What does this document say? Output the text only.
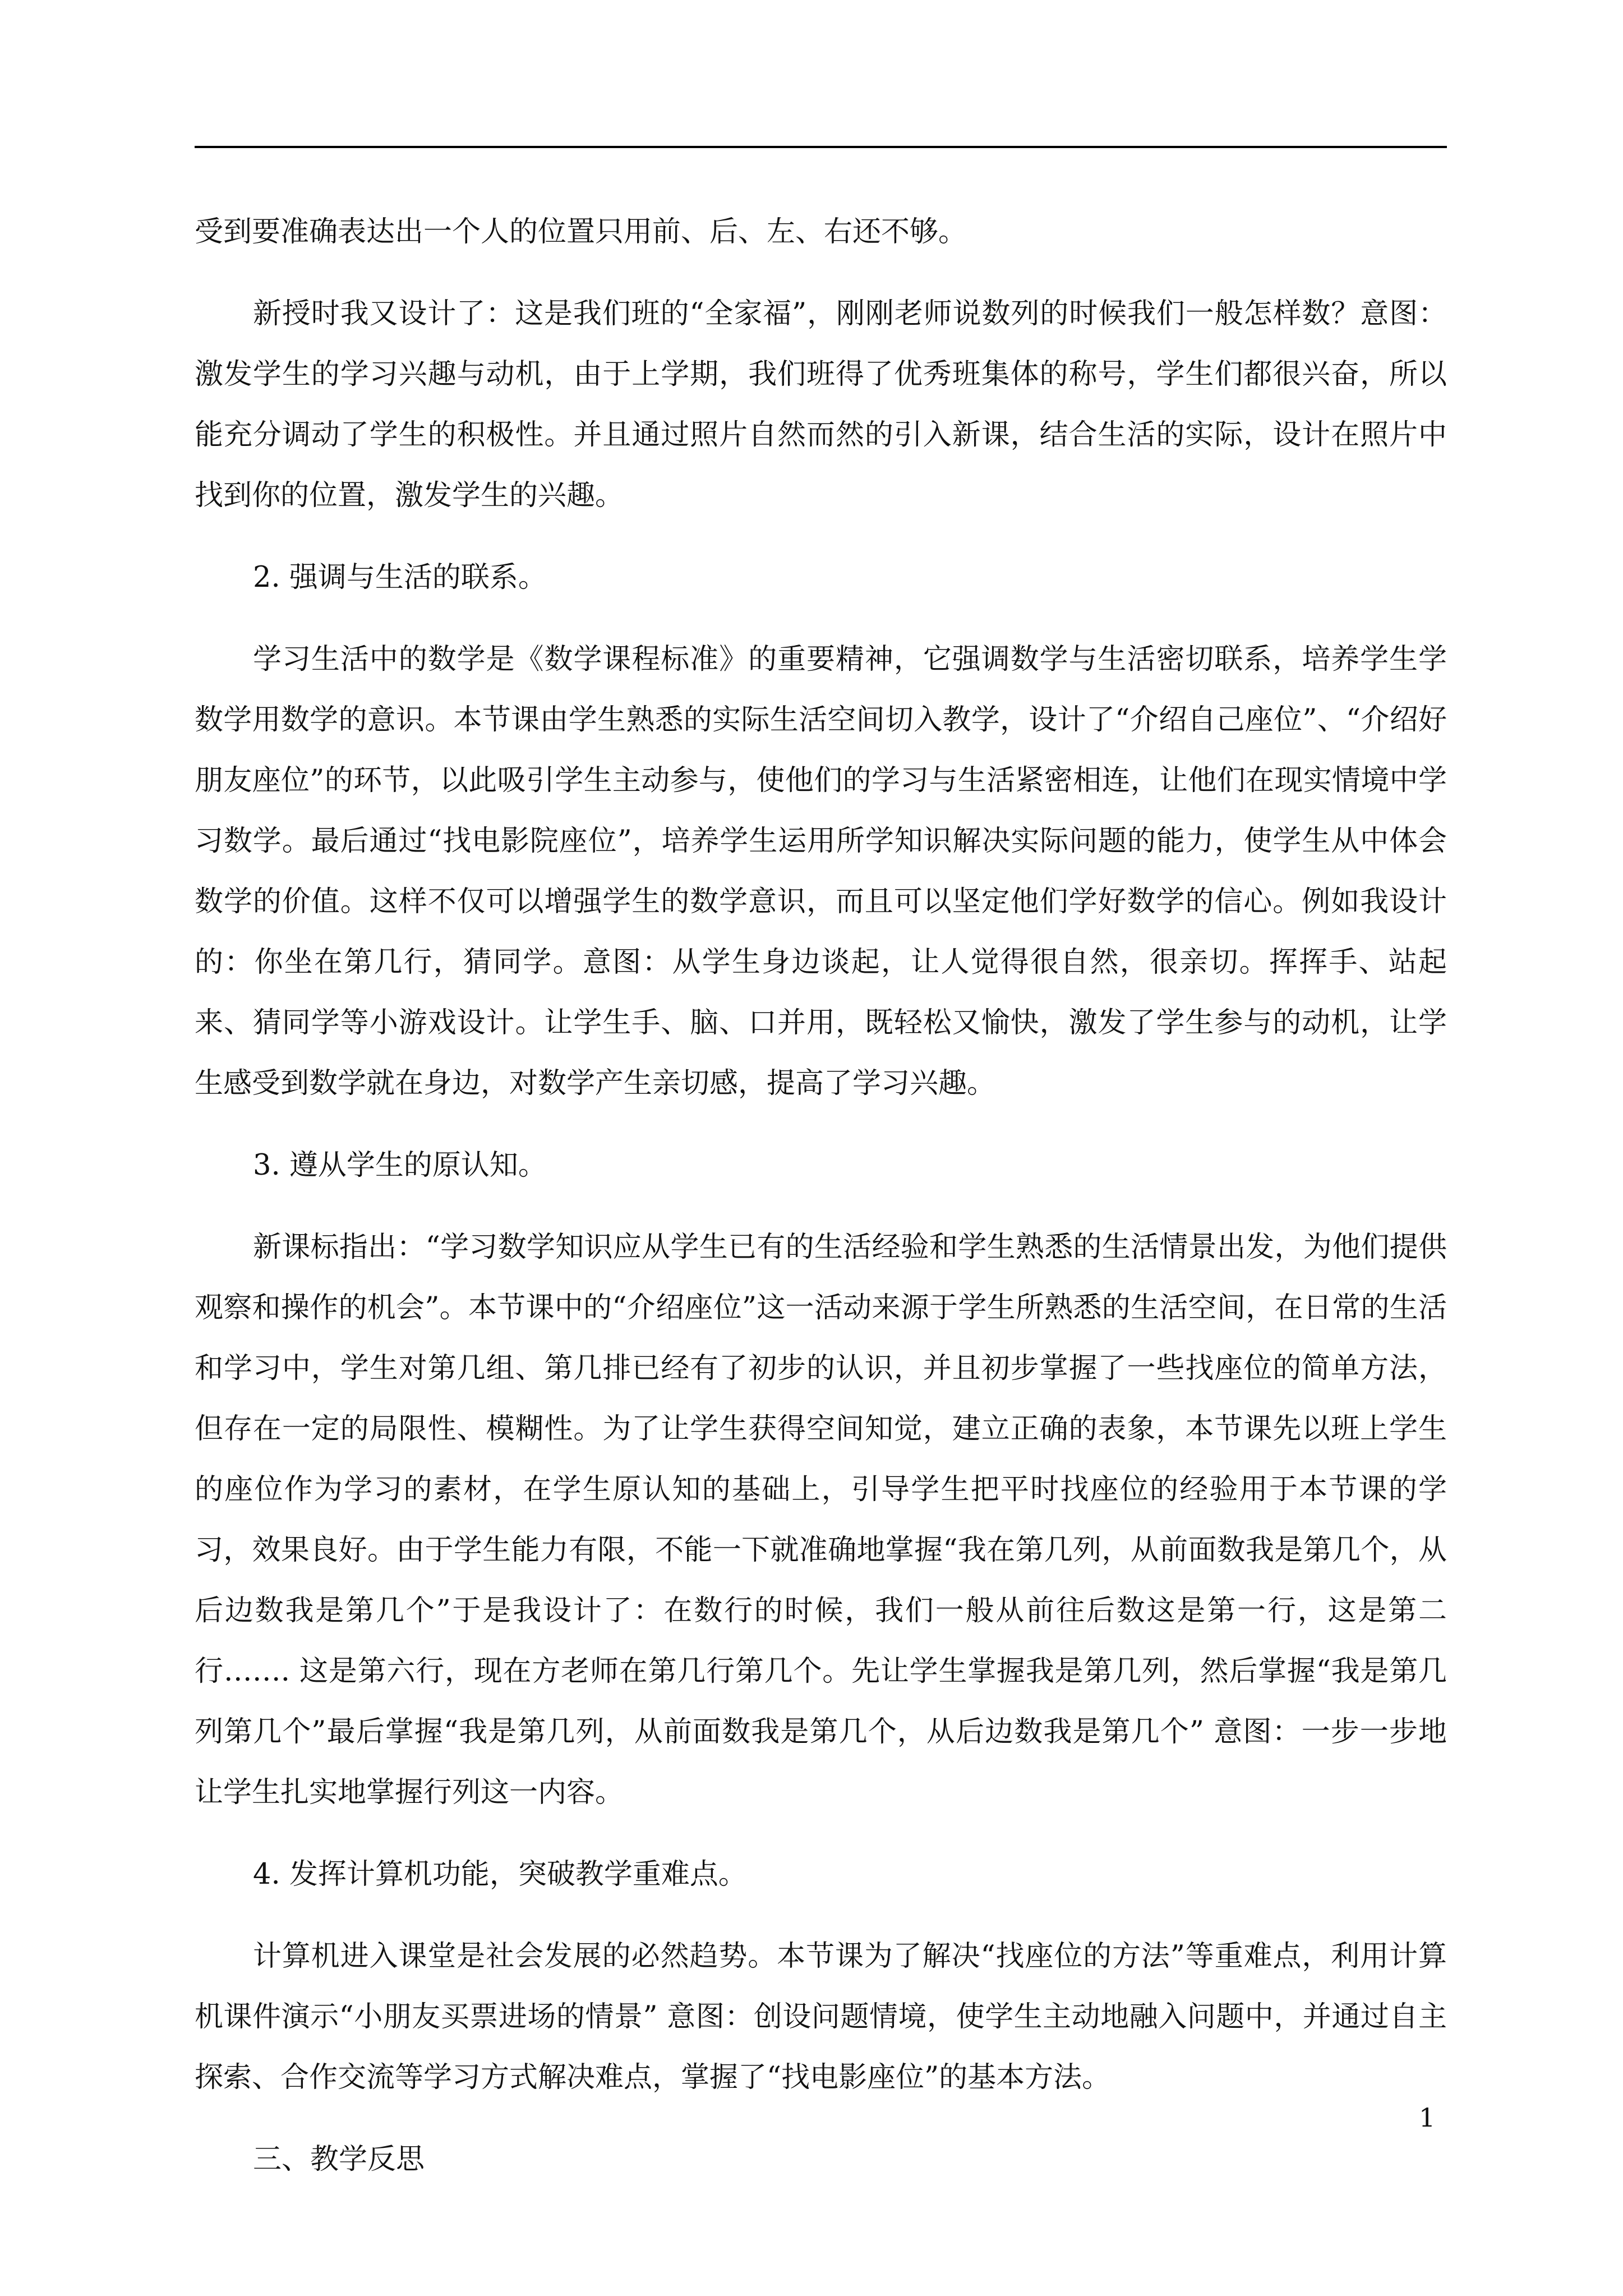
受到要准确表达出一个人的位置只用前、后、左、右还不够。

新授时我又设计了：这是我们班的“全家福”，刚刚老师说数列的时候我们一般怎样数？意图：激发学生的学习兴趣与动机，由于上学期，我们班得了优秀班集体的称号，学生们都很兴奋，所以能充分调动了学生的积极性。并且通过照片自然而然的引入新课，结合生活的实际，设计在照片中找到你的位置，激发学生的兴趣。

2. 强调与生活的联系。

学习生活中的数学是《数学课程标准》的重要精神，它强调数学与生活密切联系，培养学生学数学用数学的意识。本节课由学生熟悉的实际生活空间切入教学，设计了“介绍自己座位”、“介绍好朋友座位”的环节，以此吸引学生主动参与，使他们的学习与生活紧密相连，让他们在现实情境中学习数学。最后通过“找电影院座位”，培养学生运用所学知识解决实际问题的能力，使学生从中体会数学的价值。这样不仅可以增强学生的数学意识，而且可以坚定他们学好数学的信心。例如我设计的：你坐在第几行，猜同学。意图：从学生身边谈起，让人觉得很自然，很亲切。挥挥手、站起来、猜同学等小游戏设计。让学生手、脑、口并用，既轻松又愉快，激发了学生参与的动机，让学生感受到数学就在身边，对数学产生亲切感，提高了学习兴趣。

3. 遵从学生的原认知。

新课标指出：“学习数学知识应从学生已有的生活经验和学生熟悉的生活情景出发，为他们提供观察和操作的机会”。本节课中的“介绍座位”这一活动来源于学生所熟悉的生活空间，在日常的生活和学习中，学生对第几组、第几排已经有了初步的认识，并且初步掌握了一些找座位的简单方法，但存在一定的局限性、模糊性。为了让学生获得空间知觉，建立正确的表象，本节课先以班上学生的座位作为学习的素材，在学生原认知的基础上，引导学生把平时找座位的经验用于本节课的学习，效果良好。由于学生能力有限，不能一下就准确地掌握“我在第几列，从前面数我是第几个，从后边数我是第几个”于是我设计了：在数行的时候，我们一般从前往后数这是第一行，这是第二行……. 这是第六行，现在方老师在第几行第几个。先让学生掌握我是第几列，然后掌握“我是第几列第几个”最后掌握“我是第几列，从前面数我是第几个，从后边数我是第几个” 意图：一步一步地让学生扎实地掌握行列这一内容。

4. 发挥计算机功能，突破教学重难点。

计算机进入课堂是社会发展的必然趋势。本节课为了解决“找座位的方法”等重难点，利用计算机课件演示“小朋友买票进场的情景” 意图：创设问题情境，使学生主动地融入问题中，并通过自主探索、合作交流等学习方式解决难点，掌握了“找电影座位”的基本方法。

三、教学反思

1
